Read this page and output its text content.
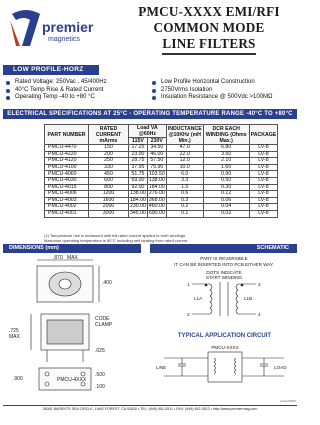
premier
magnetics
PMCU-XXXX EMI/RFI
COMMON MODE
LINE FILTERS
LOW PROFILE-HORZ
Rated Voltage: 250Vac , 45/400Hz
40°C Temp Rise & Rated Current
Operating Temp -40 to +80 °C
Low Profile Horizontal Construction
2750Vrms Isolation
Insulation Resistance @ 500Vdc >100MΩ
ELECTRICAL SPECIFICATIONS AT 25°C - OPERATING TEMPERATURE RANGE -40°C TO +80°C
PART NUMBER	RATED CURRENT mArms	Load VA @60Hz		INDUCTANCE @10KHz (mH Min.)	DCR EACH WINDING (Ohms Max.)	PACKAGE
		115V	230V			
PMCU-4470	150	17.25	34.50	47.0	6.80	LV-8
PMCU-4220	200	23.00	46.00	22.0	3.50	LV-8
PMCU-4120	250	28.75	57.50	12.0	2.10	LV-8
PMCU-4100	330	37.95	75.90	10.0	1.60	LV-8
PMCU-4060	450	51.75	103.50	6.0	0.90	LV-8
PMCU-4030	600	69.00	138.00	3.3	0.50	LV-8
PMCU-4015	800	92.00	184.00	1.5	0.30	LV-8
PMCU-4006	1200	138.00	276.00	0.6	0.12	LV-8
PMCU-4003	1600	184.00	368.00	0.3	0.06	LV-8
PMCU-4002	2000	230.00	460.00	0.2	0.04	LV-8
PMCU-4001	3000	345.00	690.00	0.1	0.02	LV-8
(1) Temperature rise is measured with full rated current applied to both windings.
Maximum operating temperature is 80°C including self heating from rated current.
DIMENSIONS (mm)	SCHEMATIC
.870 MAX
.400
.725
MAX
CODE
CLAMP
.025
PMCU-4XXX
.500
.100
.900
PART IS REVERSIBLE
IT CAN BE INSERTED INTO PCB EITHER WAY.
DOTS INDICATE
START WINDING
1
2
3
4
L1A	L1B
TYPICAL APPLICATION CIRCUIT
PMCU-XXXX
LINE	LOAD
pmcu 04/07
26081 BARENTS SEA CIRCLE, LAKE FOREST, CA 92630 • TEL: (949) 452-0511 • FAX: (949) 452-0512 • http://www.premiermag.com
